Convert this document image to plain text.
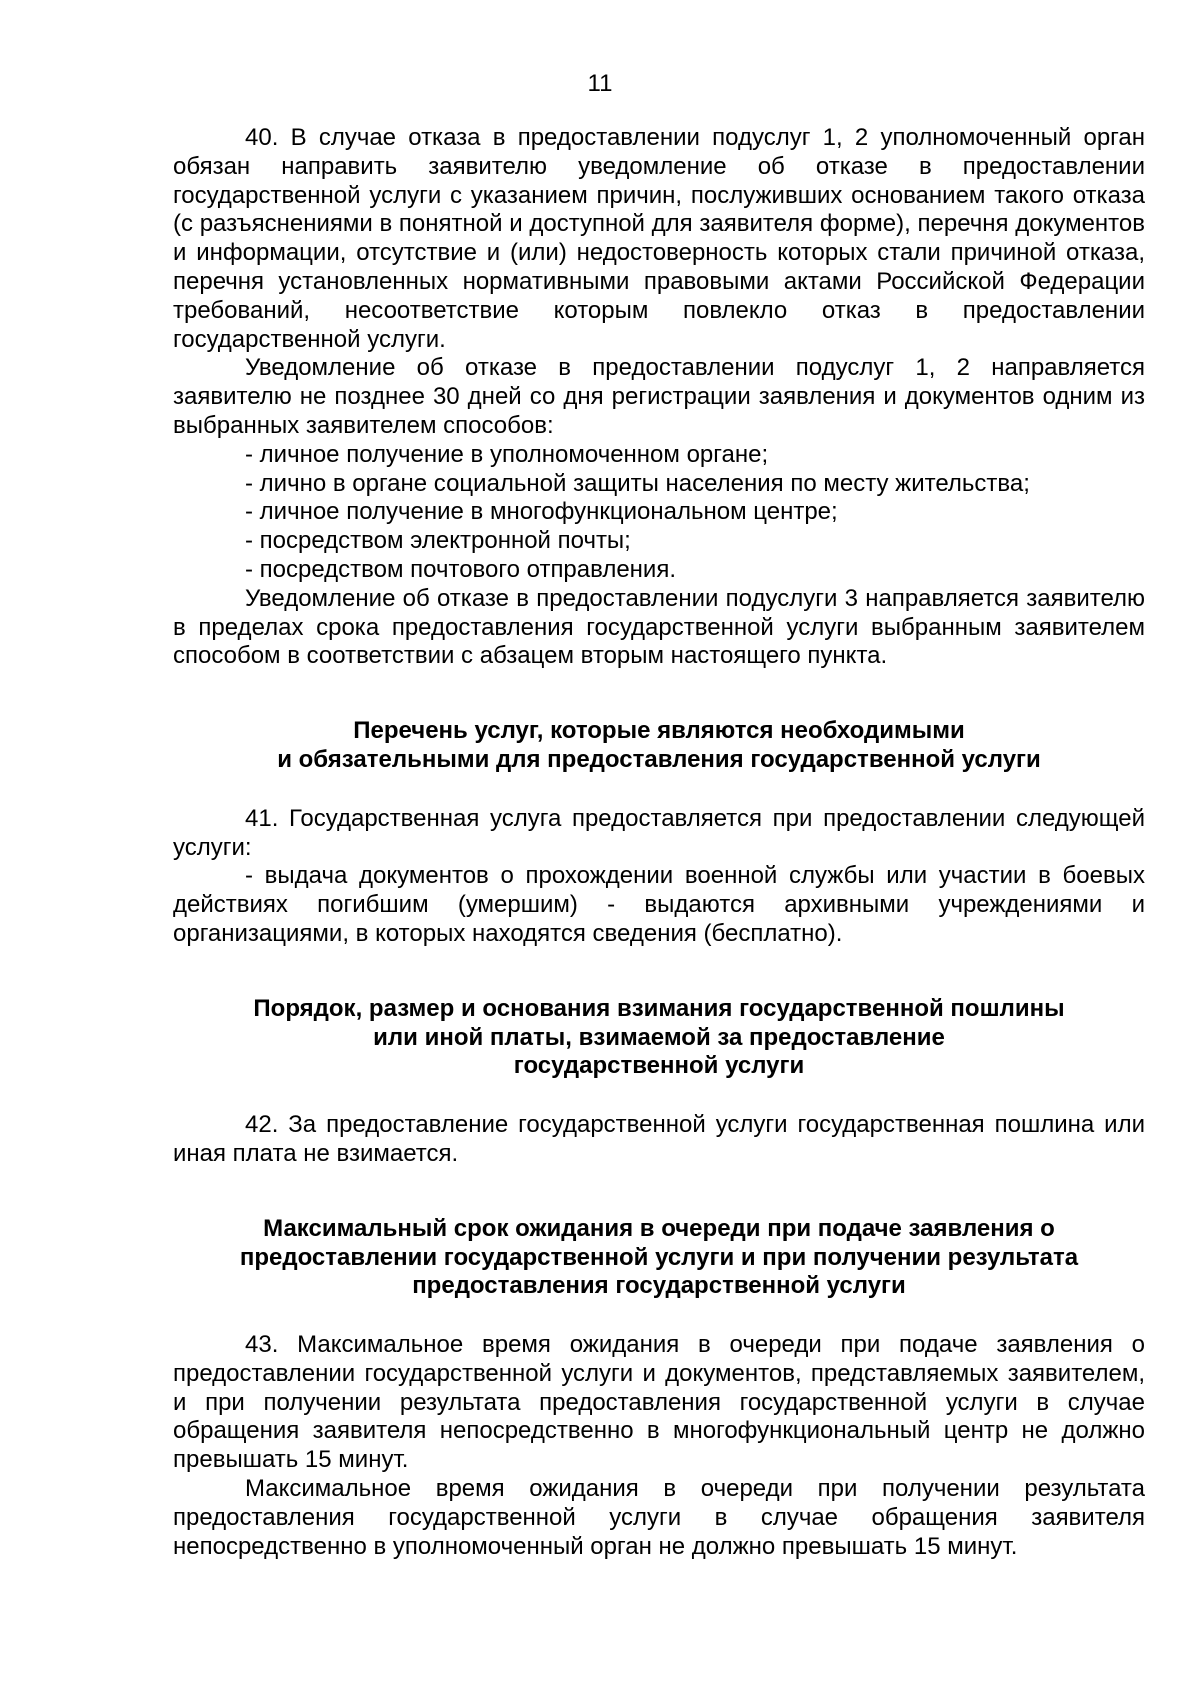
11

40. В случае отказа в предоставлении подуслуг 1, 2 уполномоченный орган обязан направить заявителю уведомление об отказе в предоставлении государственной услуги с указанием причин, послуживших основанием такого отказа (с разъяснениями в понятной и доступной для заявителя форме), перечня документов и информации, отсутствие и (или) недостоверность которых стали причиной отказа, перечня установленных нормативными правовыми актами Российской Федерации требований, несоответствие которым повлекло отказ в предоставлении государственной услуги.

Уведомление об отказе в предоставлении подуслуг 1, 2 направляется заявителю не позднее 30 дней со дня регистрации заявления и документов одним из выбранных заявителем способов:

- личное получение в уполномоченном органе;

- лично в органе социальной защиты населения по месту жительства;

- личное получение в многофункциональном центре;

- посредством электронной почты;

- посредством почтового отправления.

Уведомление об отказе в предоставлении подуслуги 3 направляется заявителю в пределах срока предоставления государственной услуги выбранным заявителем способом в соответствии с абзацем вторым настоящего пункта.

Перечень услуг, которые являются необходимыми
и обязательными для предоставления государственной услуги

41. Государственная услуга предоставляется при предоставлении следующей услуги:

- выдача документов о прохождении военной службы или участии в боевых действиях погибшим (умершим) - выдаются архивными учреждениями и организациями, в которых находятся сведения (бесплатно).

Порядок, размер и основания взимания государственной пошлины
или иной платы, взимаемой за предоставление
государственной услуги

42. За предоставление государственной услуги государственная пошлина или иная плата не взимается.

Максимальный срок ожидания в очереди при подаче заявления о
предоставлении государственной услуги и при получении результата
предоставления государственной услуги

43. Максимальное время ожидания в очереди при подаче заявления о предоставлении государственной услуги и документов, представляемых заявителем, и при получении результата предоставления государственной услуги в случае обращения заявителя непосредственно в многофункциональный центр не должно превышать 15 минут.

Максимальное время ожидания в очереди при получении результата предоставления государственной услуги в случае обращения заявителя непосредственно в уполномоченный орган не должно превышать 15 минут.
